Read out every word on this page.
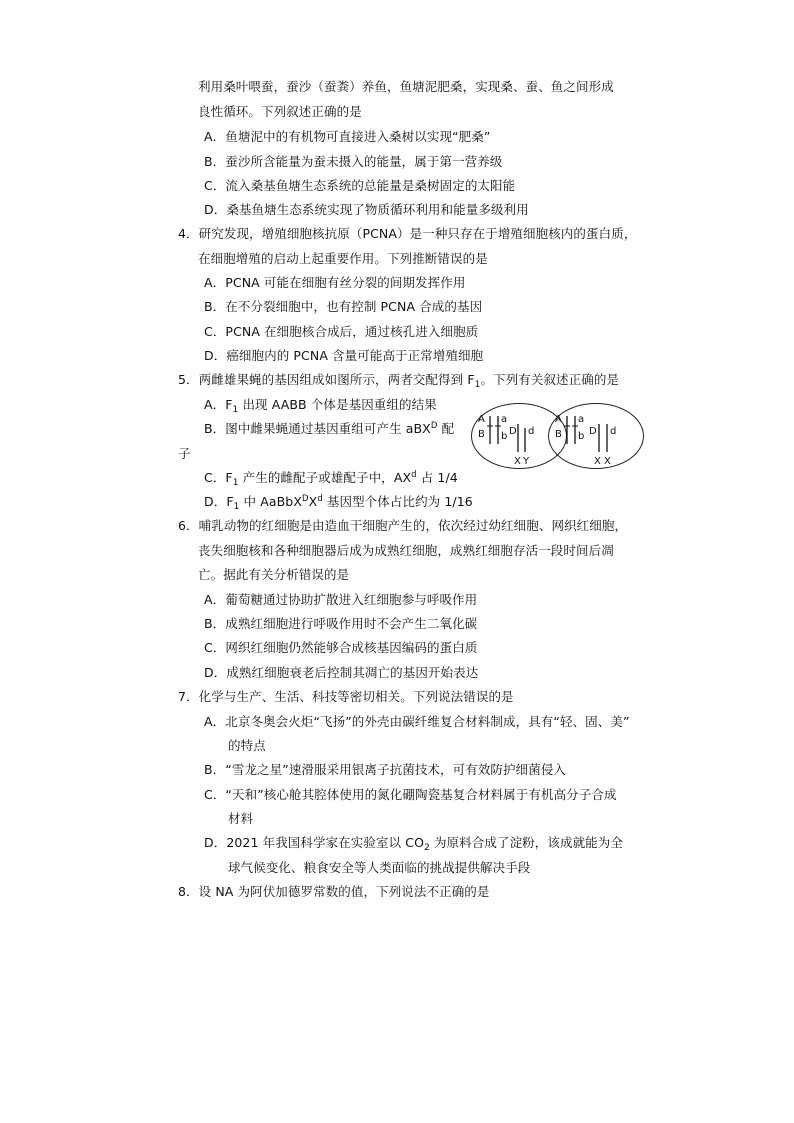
利用桑叶喂蚕，蚕沙（蚕粪）养鱼，鱼塘泥肥桑，实现桑、蚕、鱼之间形成
良性循环。下列叙述正确的是
A．鱼塘泥中的有机物可直接进入桑树以实现“肥桑”
B．蚕沙所含能量为蚕未摄入的能量，属于第一营养级
C．流入桑基鱼塘生态系统的总能量是桑树固定的太阳能
D．桑基鱼塘生态系统实现了物质循环利用和能量多级利用
4．研究发现，增殖细胞核抗原（PCNA）是一种只存在于增殖细胞核内的蛋白质，
在细胞增殖的启动上起重要作用。下列推断错误的是
A．PCNA 可能在细胞有丝分裂的间期发挥作用
B．在不分裂细胞中，也有控制 PCNA 合成的基因
C．PCNA 在细胞核合成后，通过核孔进入细胞质
D．癌细胞内的 PCNA 含量可能高于正常增殖细胞
5．两雌雄果蝇的基因组成如图所示，两者交配得到 $F_1$。下列有关叙述正确的是
A．$F_1$ 出现 AABB 个体是基因重组的结果
B．图中雌果蝇通过基因重组可产生 aBX$^D$ 配
子
C．$F_1$ 产生的雌配子或雄配子中，$AX^d$ 占 1/4
D．$F_1$ 中 $AaBbX^DX^d$ 基因型个体占比约为 1/16
A
B
a
b D d
X Y
A
B
a
b D d
X X
6．哺乳动物的红细胞是由造血干细胞产生的，依次经过幼红细胞、网织红细胞，
丧失细胞核和各种细胞器后成为成熟红细胞，成熟红细胞存活一段时间后凋
亡。据此有关分析错误的是
A．葡萄糖通过协助扩散进入红细胞参与呼吸作用
B．成熟红细胞进行呼吸作用时不会产生二氧化碳
C．网织红细胞仍然能够合成核基因编码的蛋白质
D．成熟红细胞衰老后控制其凋亡的基因开始表达
7．化学与生产、生活、科技等密切相关。下列说法错误的是
A．北京冬奥会火炬“飞扬”的外壳由碳纤维复合材料制成，具有“轻、固、美”
的特点
B．“雪龙之星”速滑服采用银离子抗菌技术，可有效防护细菌侵入
C．“天和”核心舱其腔体使用的氮化硼陶瓷基复合材料属于有机高分子合成
材料
D．2021 年我国科学家在实验室以 $CO_2$ 为原料合成了淀粉，该成就能为全
球气候变化、粮食安全等人类面临的挑战提供解决手段
8．设 NA 为阿伏加德罗常数的值，下列说法不正确的是
